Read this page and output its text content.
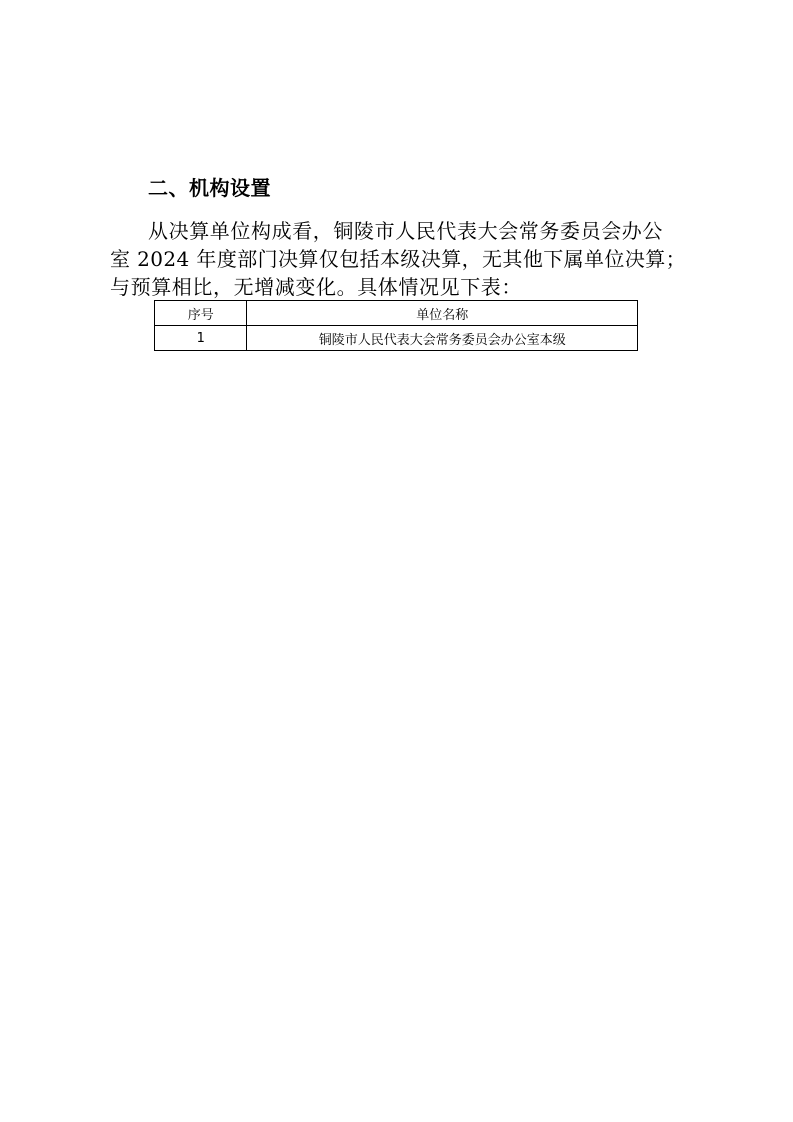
二、机构设置
从决算单位构成看，铜陵市人民代表大会常务委员会办公
室 2024 年度部门决算仅包括本级决算，无其他下属单位决算；
与预算相比，无增减变化。具体情况见下表：
序号	单位名称
1	铜陵市人民代表大会常务委员会办公室本级
